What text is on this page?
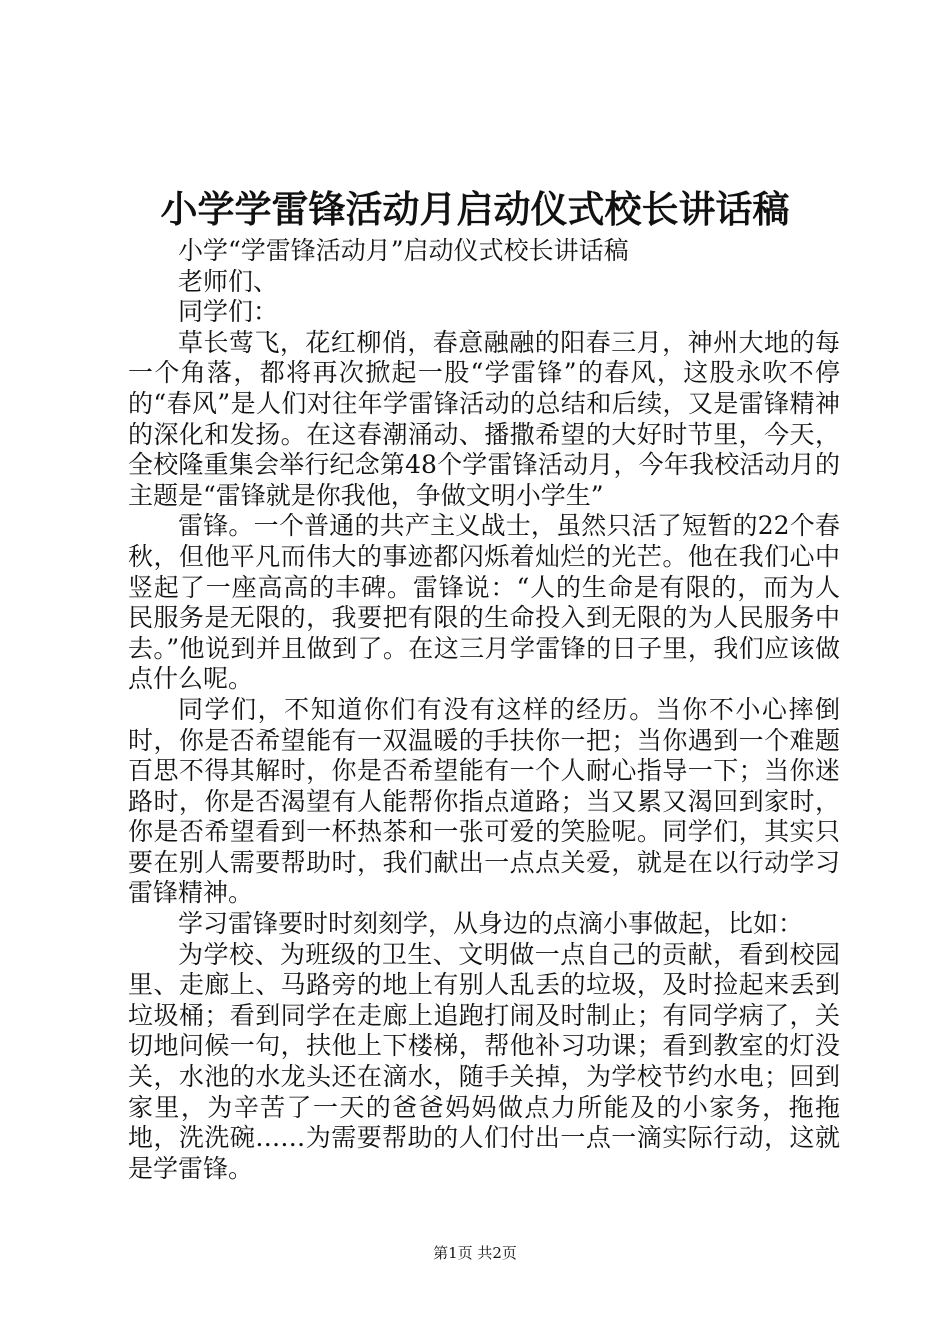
小学学雷锋活动月启动仪式校长讲话稿

小学“学雷锋活动月”启动仪式校长讲话稿

老师们、

同学们：

草长莺飞，花红柳俏，春意融融的阳春三月，神州大地的每一个角落，都将再次掀起一股“学雷锋”的春风，这股永吹不停的“春风”是人们对往年学雷锋活动的总结和后续，又是雷锋精神的深化和发扬。在这春潮涌动、播撒希望的大好时节里，今天，全校隆重集会举行纪念第48个学雷锋活动月，今年我校活动月的主题是“雷锋就是你我他，争做文明小学生”

雷锋。一个普通的共产主义战士，虽然只活了短暂的22个春秋，但他平凡而伟大的事迹都闪烁着灿烂的光芒。他在我们心中竖起了一座高高的丰碑。雷锋说：“人的生命是有限的，而为人民服务是无限的，我要把有限的生命投入到无限的为人民服务中去。”他说到并且做到了。在这三月学雷锋的日子里，我们应该做点什么呢。

同学们，不知道你们有没有这样的经历。当你不小心摔倒时，你是否希望能有一双温暖的手扶你一把；当你遇到一个难题百思不得其解时，你是否希望能有一个人耐心指导一下；当你迷路时，你是否渴望有人能帮你指点道路；当又累又渴回到家时，你是否希望看到一杯热茶和一张可爱的笑脸呢。同学们，其实只要在别人需要帮助时，我们献出一点点关爱，就是在以行动学习雷锋精神。

学习雷锋要时时刻刻学，从身边的点滴小事做起，比如：

为学校、为班级的卫生、文明做一点自己的贡献，看到校园里、走廊上、马路旁的地上有别人乱丢的垃圾，及时捡起来丢到垃圾桶；看到同学在走廊上追跑打闹及时制止；有同学病了，关切地问候一句，扶他上下楼梯，帮他补习功课；看到教室的灯没关，水池的水龙头还在滴水，随手关掉，为学校节约水电；回到家里，为辛苦了一天的爸爸妈妈做点力所能及的小家务，拖拖地，洗洗碗……为需要帮助的人们付出一点一滴实际行动，这就是学雷锋。

第1页 共2页
